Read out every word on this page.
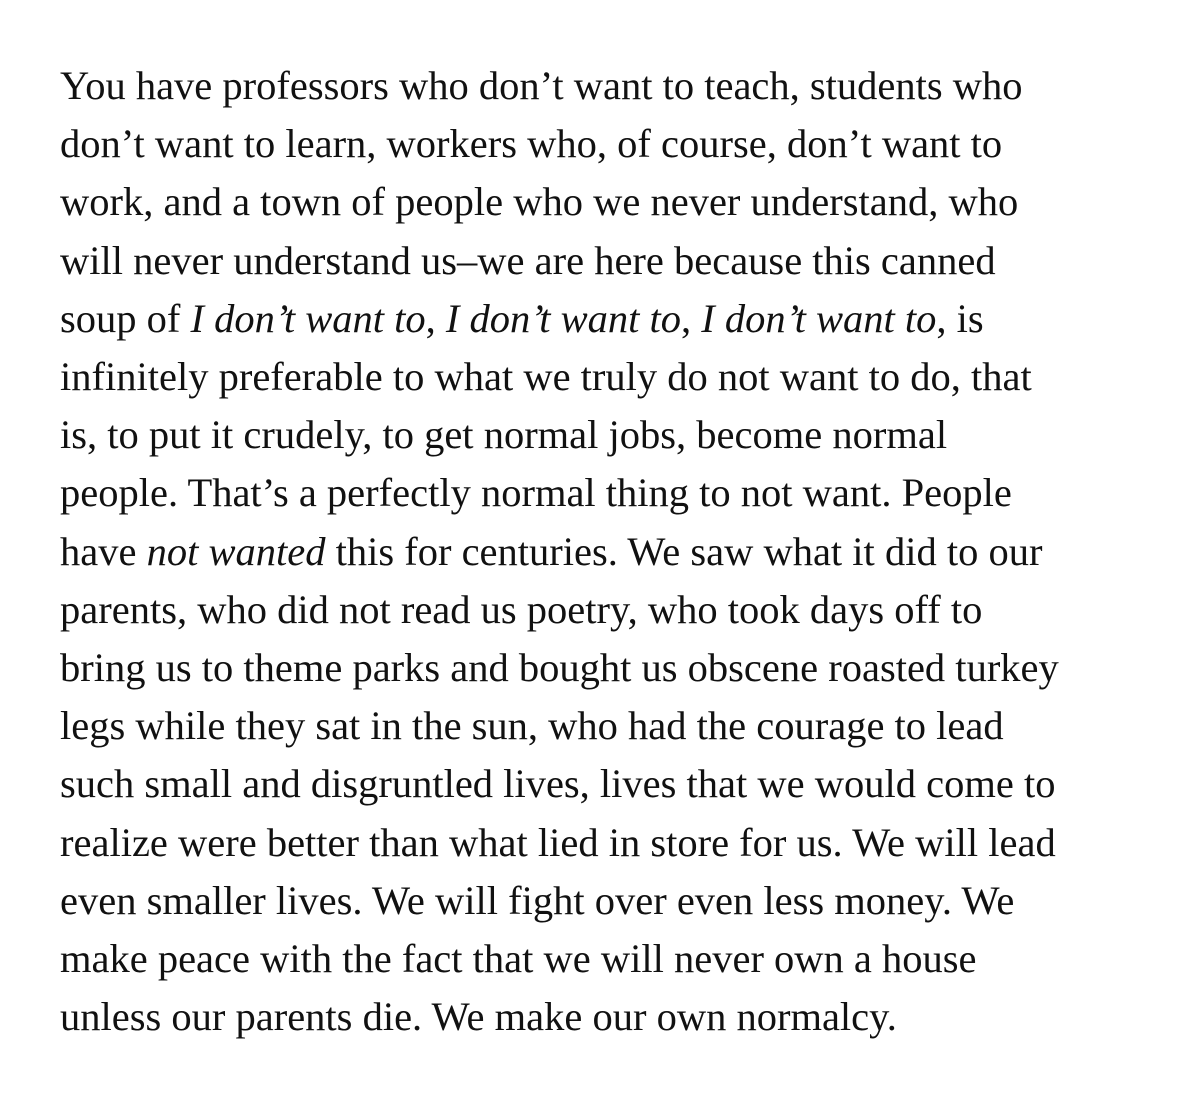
You have professors who don’t want to teach, students who
don’t want to learn, workers who, of course, don’t want to
work, and a town of people who we never understand, who
will never understand us–we are here because this canned
soup of I don’t want to, I don’t want to, I don’t want to, is
infinitely preferable to what we truly do not want to do, that
is, to put it crudely, to get normal jobs, become normal
people. That’s a perfectly normal thing to not want. People
have not wanted this for centuries. We saw what it did to our
parents, who did not read us poetry, who took days off to
bring us to theme parks and bought us obscene roasted turkey
legs while they sat in the sun, who had the courage to lead
such small and disgruntled lives, lives that we would come to
realize were better than what lied in store for us. We will lead
even smaller lives. We will fight over even less money. We
make peace with the fact that we will never own a house
unless our parents die. We make our own normalcy.
